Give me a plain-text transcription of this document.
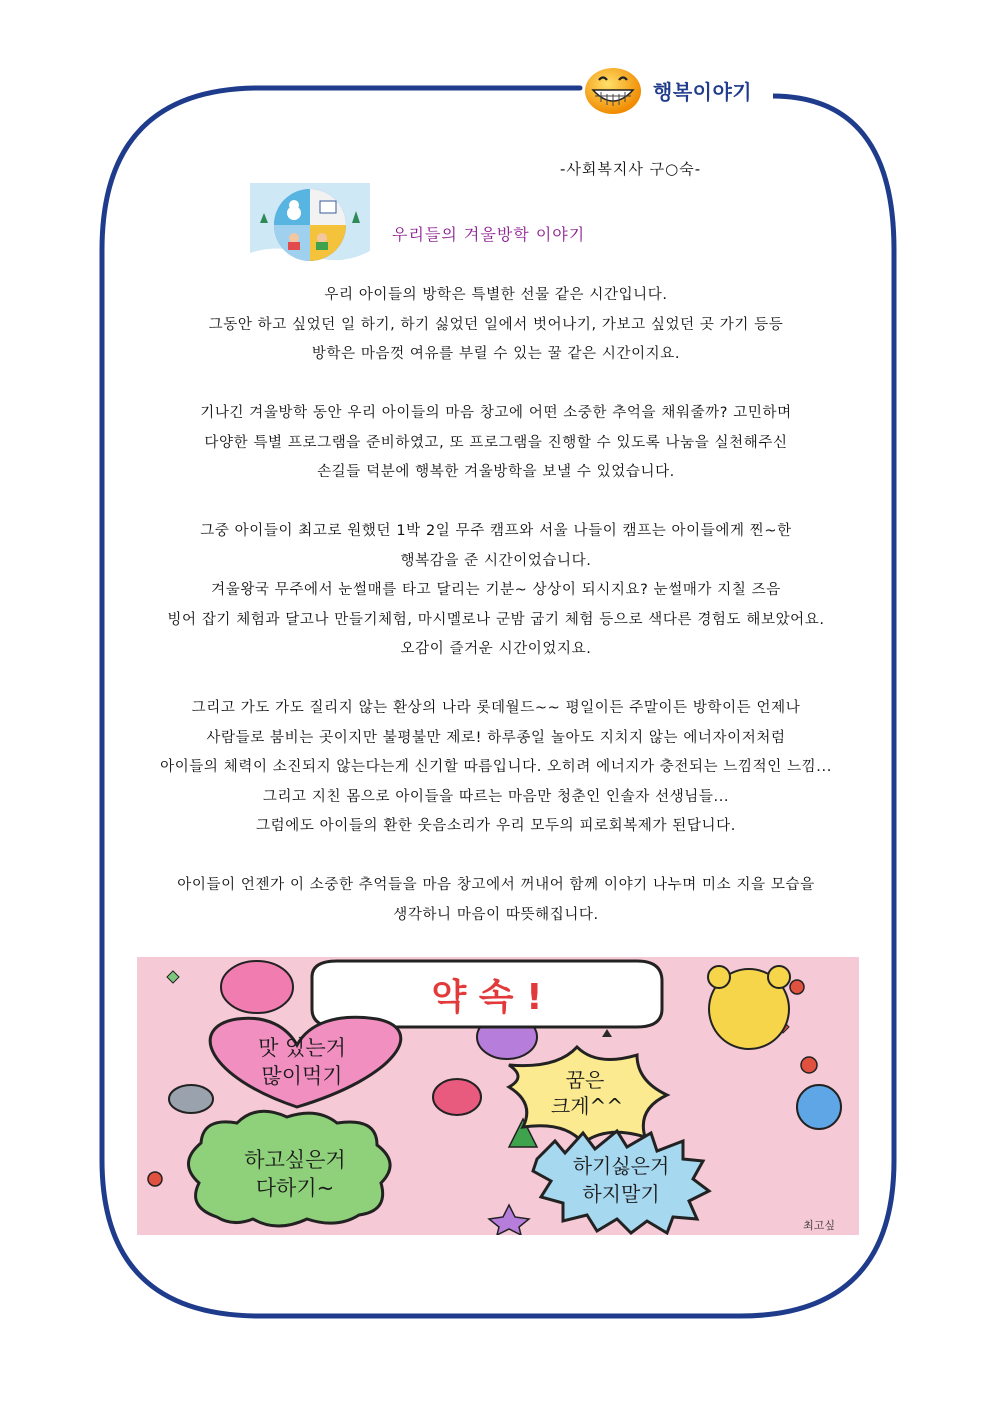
행복이야기
-사회복지사 구○숙-
우리들의 겨울방학 이야기

우리 아이들의 방학은 특별한 선물 같은 시간입니다.
그동안 하고 싶었던 일 하기, 하기 싫었던 일에서 벗어나기, 가보고 싶었던 곳 가기 등등
방학은 마음껏 여유를 부릴 수 있는 꿀 같은 시간이지요.

기나긴 겨울방학 동안 우리 아이들의 마음 창고에 어떤 소중한 추억을 채워줄까? 고민하며
다양한 특별 프로그램을 준비하였고, 또 프로그램을 진행할 수 있도록 나눔을 실천해주신
손길들 덕분에 행복한 겨울방학을 보낼 수 있었습니다.

그중 아이들이 최고로 원했던 1박 2일 무주 캠프와 서울 나들이 캠프는 아이들에게 찐~한
행복감을 준 시간이었습니다.
겨울왕국 무주에서 눈썰매를 타고 달리는 기분~ 상상이 되시지요? 눈썰매가 지칠 즈음
빙어 잡기 체험과 달고나 만들기체험, 마시멜로나 군밤 굽기 체험 등으로 색다른 경험도 해보았어요.
오감이 즐거운 시간이었지요.

그리고 가도 가도 질리지 않는 환상의 나라 롯데월드~~ 평일이든 주말이든 방학이든 언제나
사람들로 붐비는 곳이지만 불평불만 제로! 하루종일 놀아도 지치지 않는 에너자이저처럼
아이들의 체력이 소진되지 않는다는게 신기할 따름입니다. 오히려 에너지가 충전되는 느낌적인 느낌...
그리고 지친 몸으로 아이들을 따르는 마음만 청춘인 인솔자 선생님들...
그럼에도 아이들의 환한 웃음소리가 우리 모두의 피로회복제가 된답니다.

아이들이 언젠가 이 소중한 추억들을 마음 창고에서 꺼내어 함께 이야기 나누며 미소 지을 모습을
생각하니 마음이 따뜻해집니다.

약 속 !
맛 있는거
많이먹기	꿈은
크게^^
하고싶은거
다하기~
하기싫은거
하지말기
최고싶
